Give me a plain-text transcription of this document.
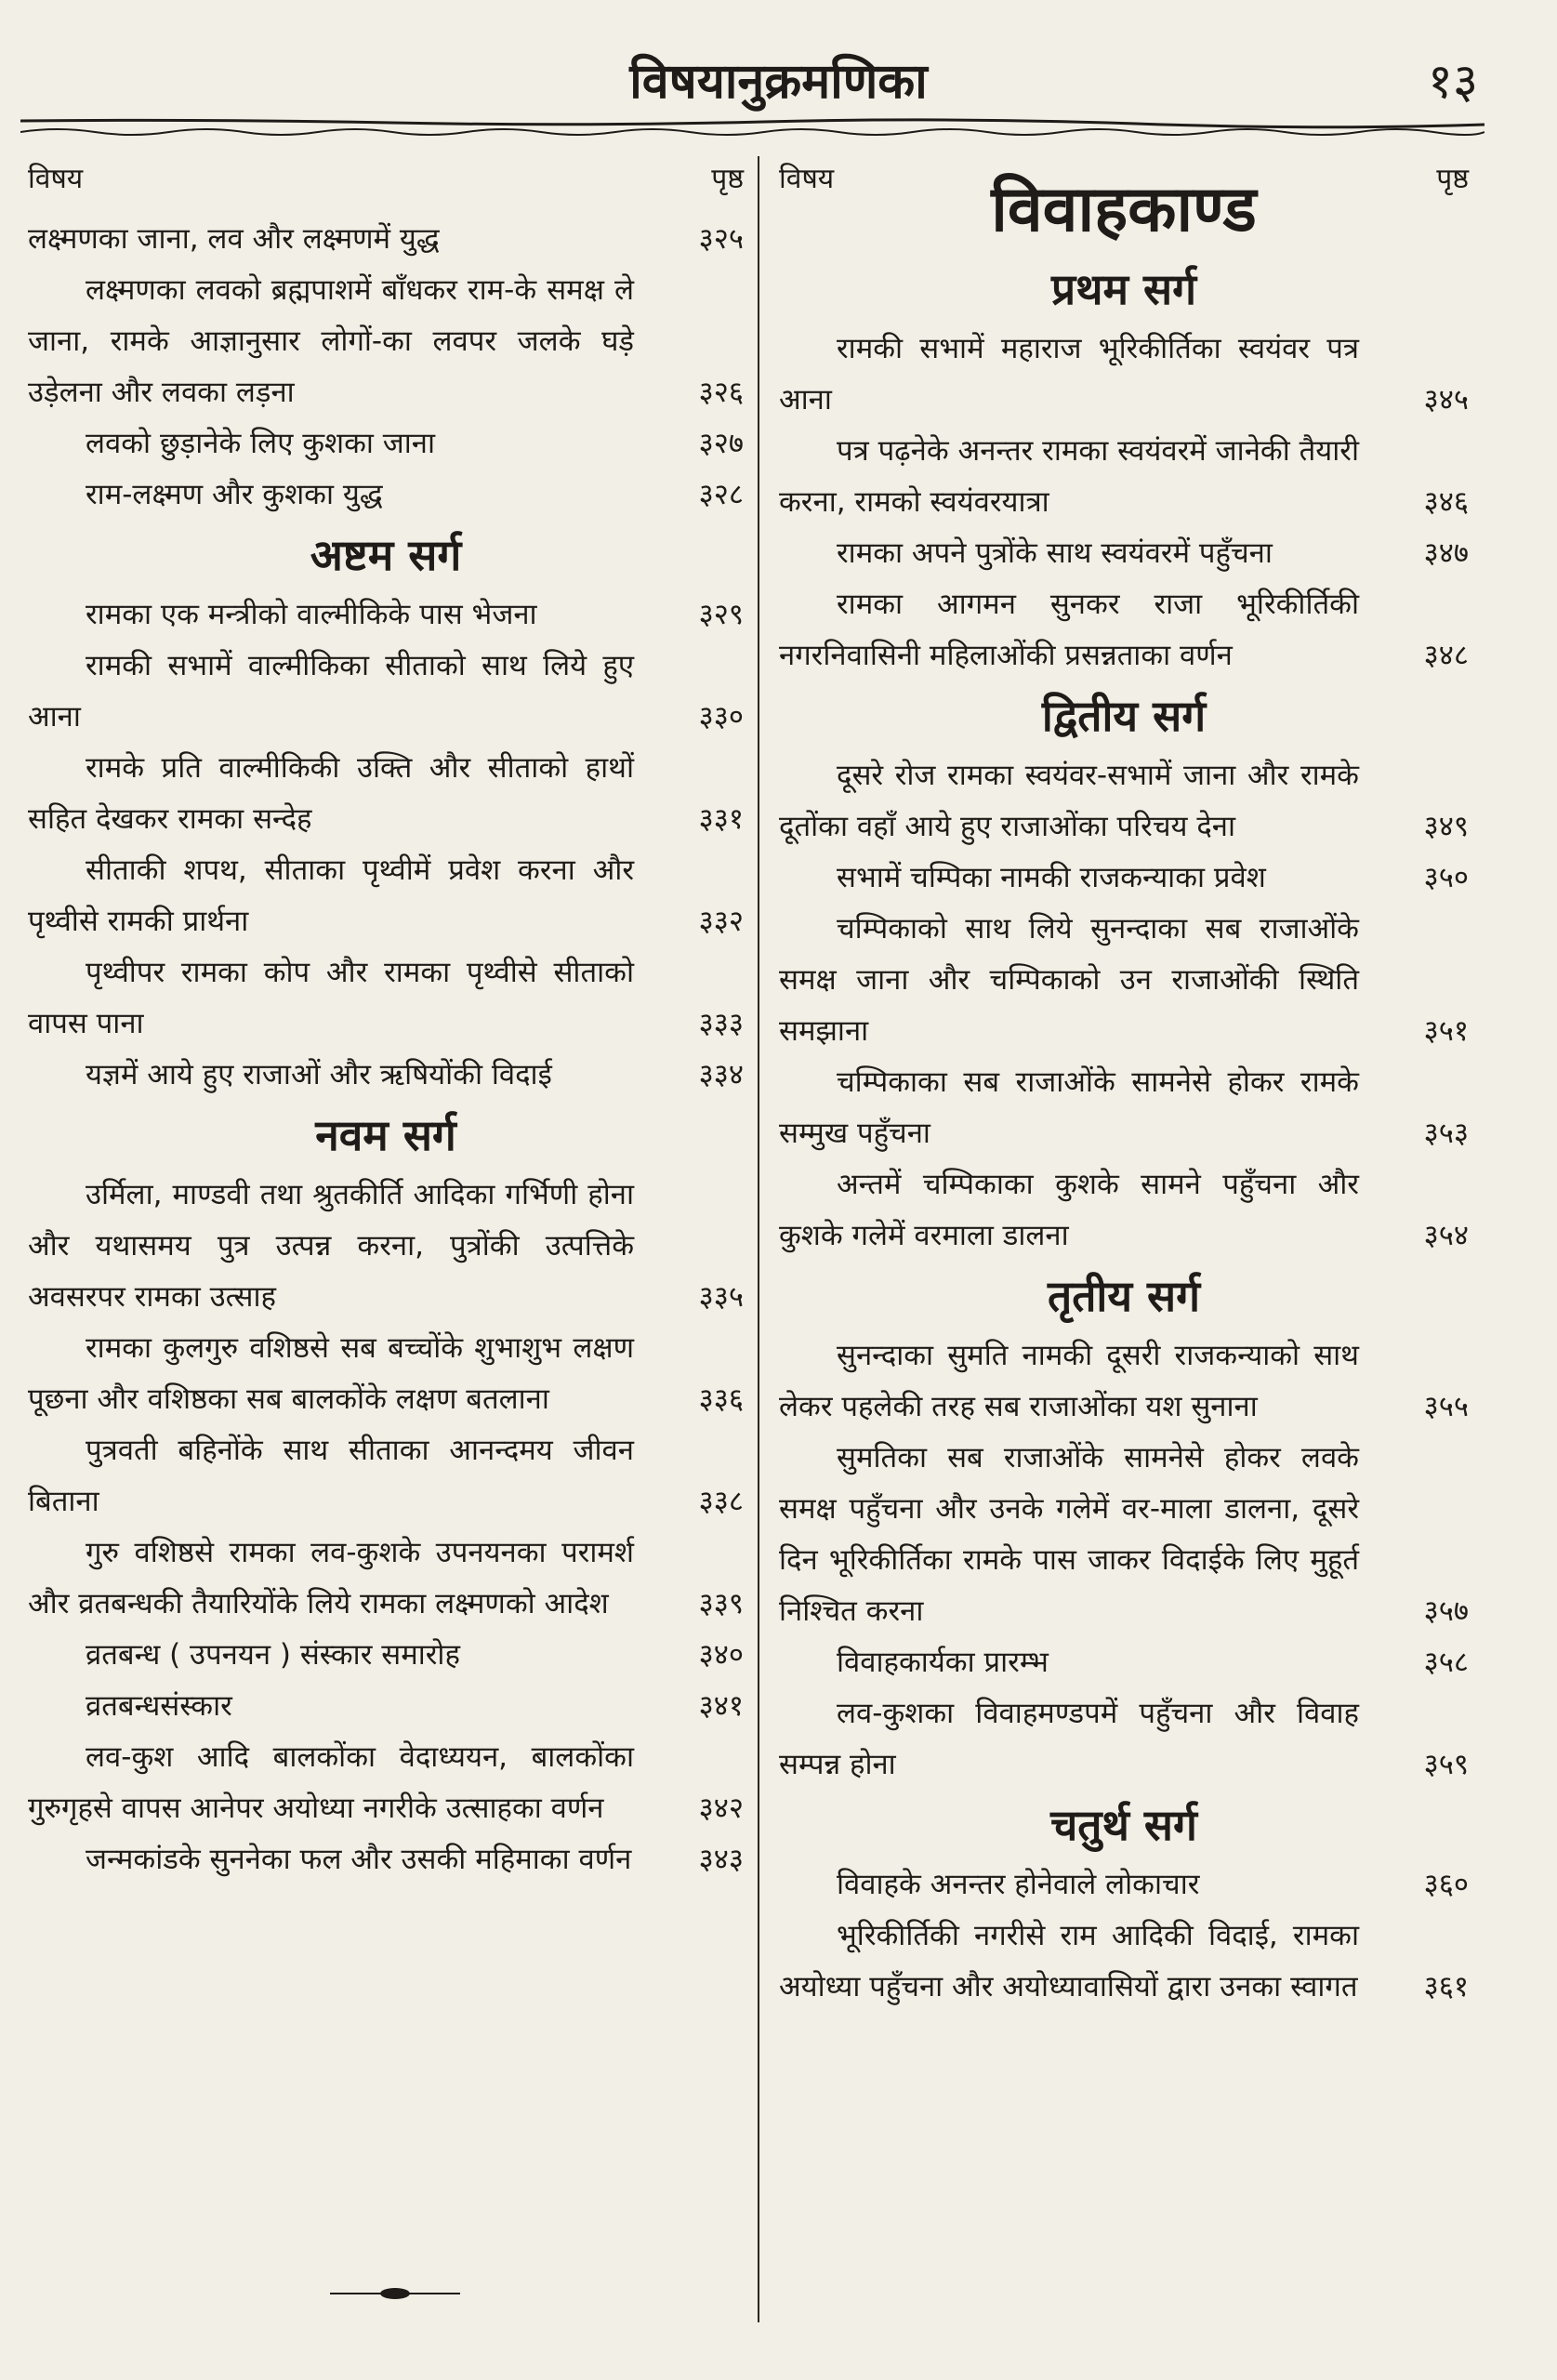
विषयानुक्रमणिका	१३
विषय	पृष्ठ
लक्ष्मणका जाना, लव और लक्ष्मणमें युद्ध	३२५
लक्ष्मणका लवको ब्रह्मपाशमें बाँधकर राम-के समक्ष ले जाना, रामके आज्ञानुसार लोगों-का लवपर जलके घड़े उड़ेलना और लवका लड़ना	३२६
लवको छुड़ानेके लिए कुशका जाना	३२७
राम-लक्ष्मण और कुशका युद्ध	३२८
अष्टम सर्ग
रामका एक मन्त्रीको वाल्मीकिके पास भेजना	३२९
रामकी सभामें वाल्मीकिका सीताको साथ लिये हुए आना	३३०
रामके प्रति वाल्मीकिकी उक्ति और सीताको हाथों सहित देखकर रामका सन्देह	३३१
सीताकी शपथ, सीताका पृथ्वीमें प्रवेश करना और पृथ्वीसे रामकी प्रार्थना	३३२
पृथ्वीपर रामका कोप और रामका पृथ्वीसे सीताको वापस पाना	३३३
यज्ञमें आये हुए राजाओं और ऋषियोंकी विदाई	३३४
नवम सर्ग
उर्मिला, माण्डवी तथा श्रुतकीर्ति आदिका गर्भिणी होना और यथासमय पुत्र उत्पन्न करना, पुत्रोंकी उत्पत्तिके अवसरपर रामका उत्साह	३३५
रामका कुलगुरु वशिष्ठसे सब बच्चोंके शुभाशुभ लक्षण पूछना और वशिष्ठका सब बालकोंके लक्षण बतलाना	३३६
पुत्रवती बहिनोंके साथ सीताका आनन्दमय जीवन बिताना	३३८
गुरु वशिष्ठसे रामका लव-कुशके उपनयनका परामर्श और व्रतबन्धकी तैयारियोंके लिये रामका लक्ष्मणको आदेश	३३९
व्रतबन्ध ( उपनयन ) संस्कार समारोह	३४०
व्रतबन्धसंस्कार	३४१
लव-कुश आदि बालकोंका वेदाध्ययन, बालकोंका गुरुगृहसे वापस आनेपर अयोध्या नगरीके उत्साहका वर्णन	३४२
जन्मकांडके सुननेका फल और उसकी महिमाका वर्णन ३४३
विषय	पृष्ठ
विवाहकाण्ड
प्रथम सर्ग
रामकी सभामें महाराज भूरिकीर्तिका स्वयंवर पत्र आना	३४५
पत्र पढ़नेके अनन्तर रामका स्वयंवरमें जानेकी तैयारी करना, रामको स्वयंवरयात्रा	३४६
रामका अपने पुत्रोंके साथ स्वयंवरमें पहुँचना	३४७
रामका आगमन सुनकर राजा भूरिकीर्तिकी नगरनिवासिनी महिलाओंकी प्रसन्नताका वर्णन	३४८
द्वितीय सर्ग
दूसरे रोज रामका स्वयंवर-सभामें जाना और रामके दूतोंका वहाँ आये हुए राजाओंका परिचय देना	३४९
सभामें चम्पिका नामकी राजकन्याका प्रवेश	३५०
चम्पिकाको साथ लिये सुनन्दाका सब राजाओंके समक्ष जाना और चम्पिकाको उन राजाओंकी स्थिति समझाना	३५१
चम्पिकाका सब राजाओंके सामनेसे होकर रामके सम्मुख पहुँचना	३५३
अन्तमें चम्पिकाका कुशके सामने पहुँचना और कुशके गलेमें वरमाला डालना	३५४
तृतीय सर्ग
सुनन्दाका सुमति नामकी दूसरी राजकन्याको साथ लेकर पहलेकी तरह सब राजाओंका यश सुनाना	३५५
सुमतिका सब राजाओंके सामनेसे होकर लवके समक्ष पहुँचना और उनके गलेमें वर-माला डालना, दूसरे दिन भूरिकीर्तिका रामके पास जाकर विदाईके लिए मुहूर्त निश्चित करना	३५७
विवाहकार्यका प्रारम्भ	३५८
लव-कुशका विवाहमण्डपमें पहुँचना और विवाह सम्पन्न होना	३५९
चतुर्थ सर्ग
विवाहके अनन्तर होनेवाले लोकाचार	३६०
भूरिकीर्तिकी नगरीसे राम आदिकी विदाई, रामका अयोध्या पहुँचना और अयोध्यावासियों द्वारा उनका स्वागत ३६१
